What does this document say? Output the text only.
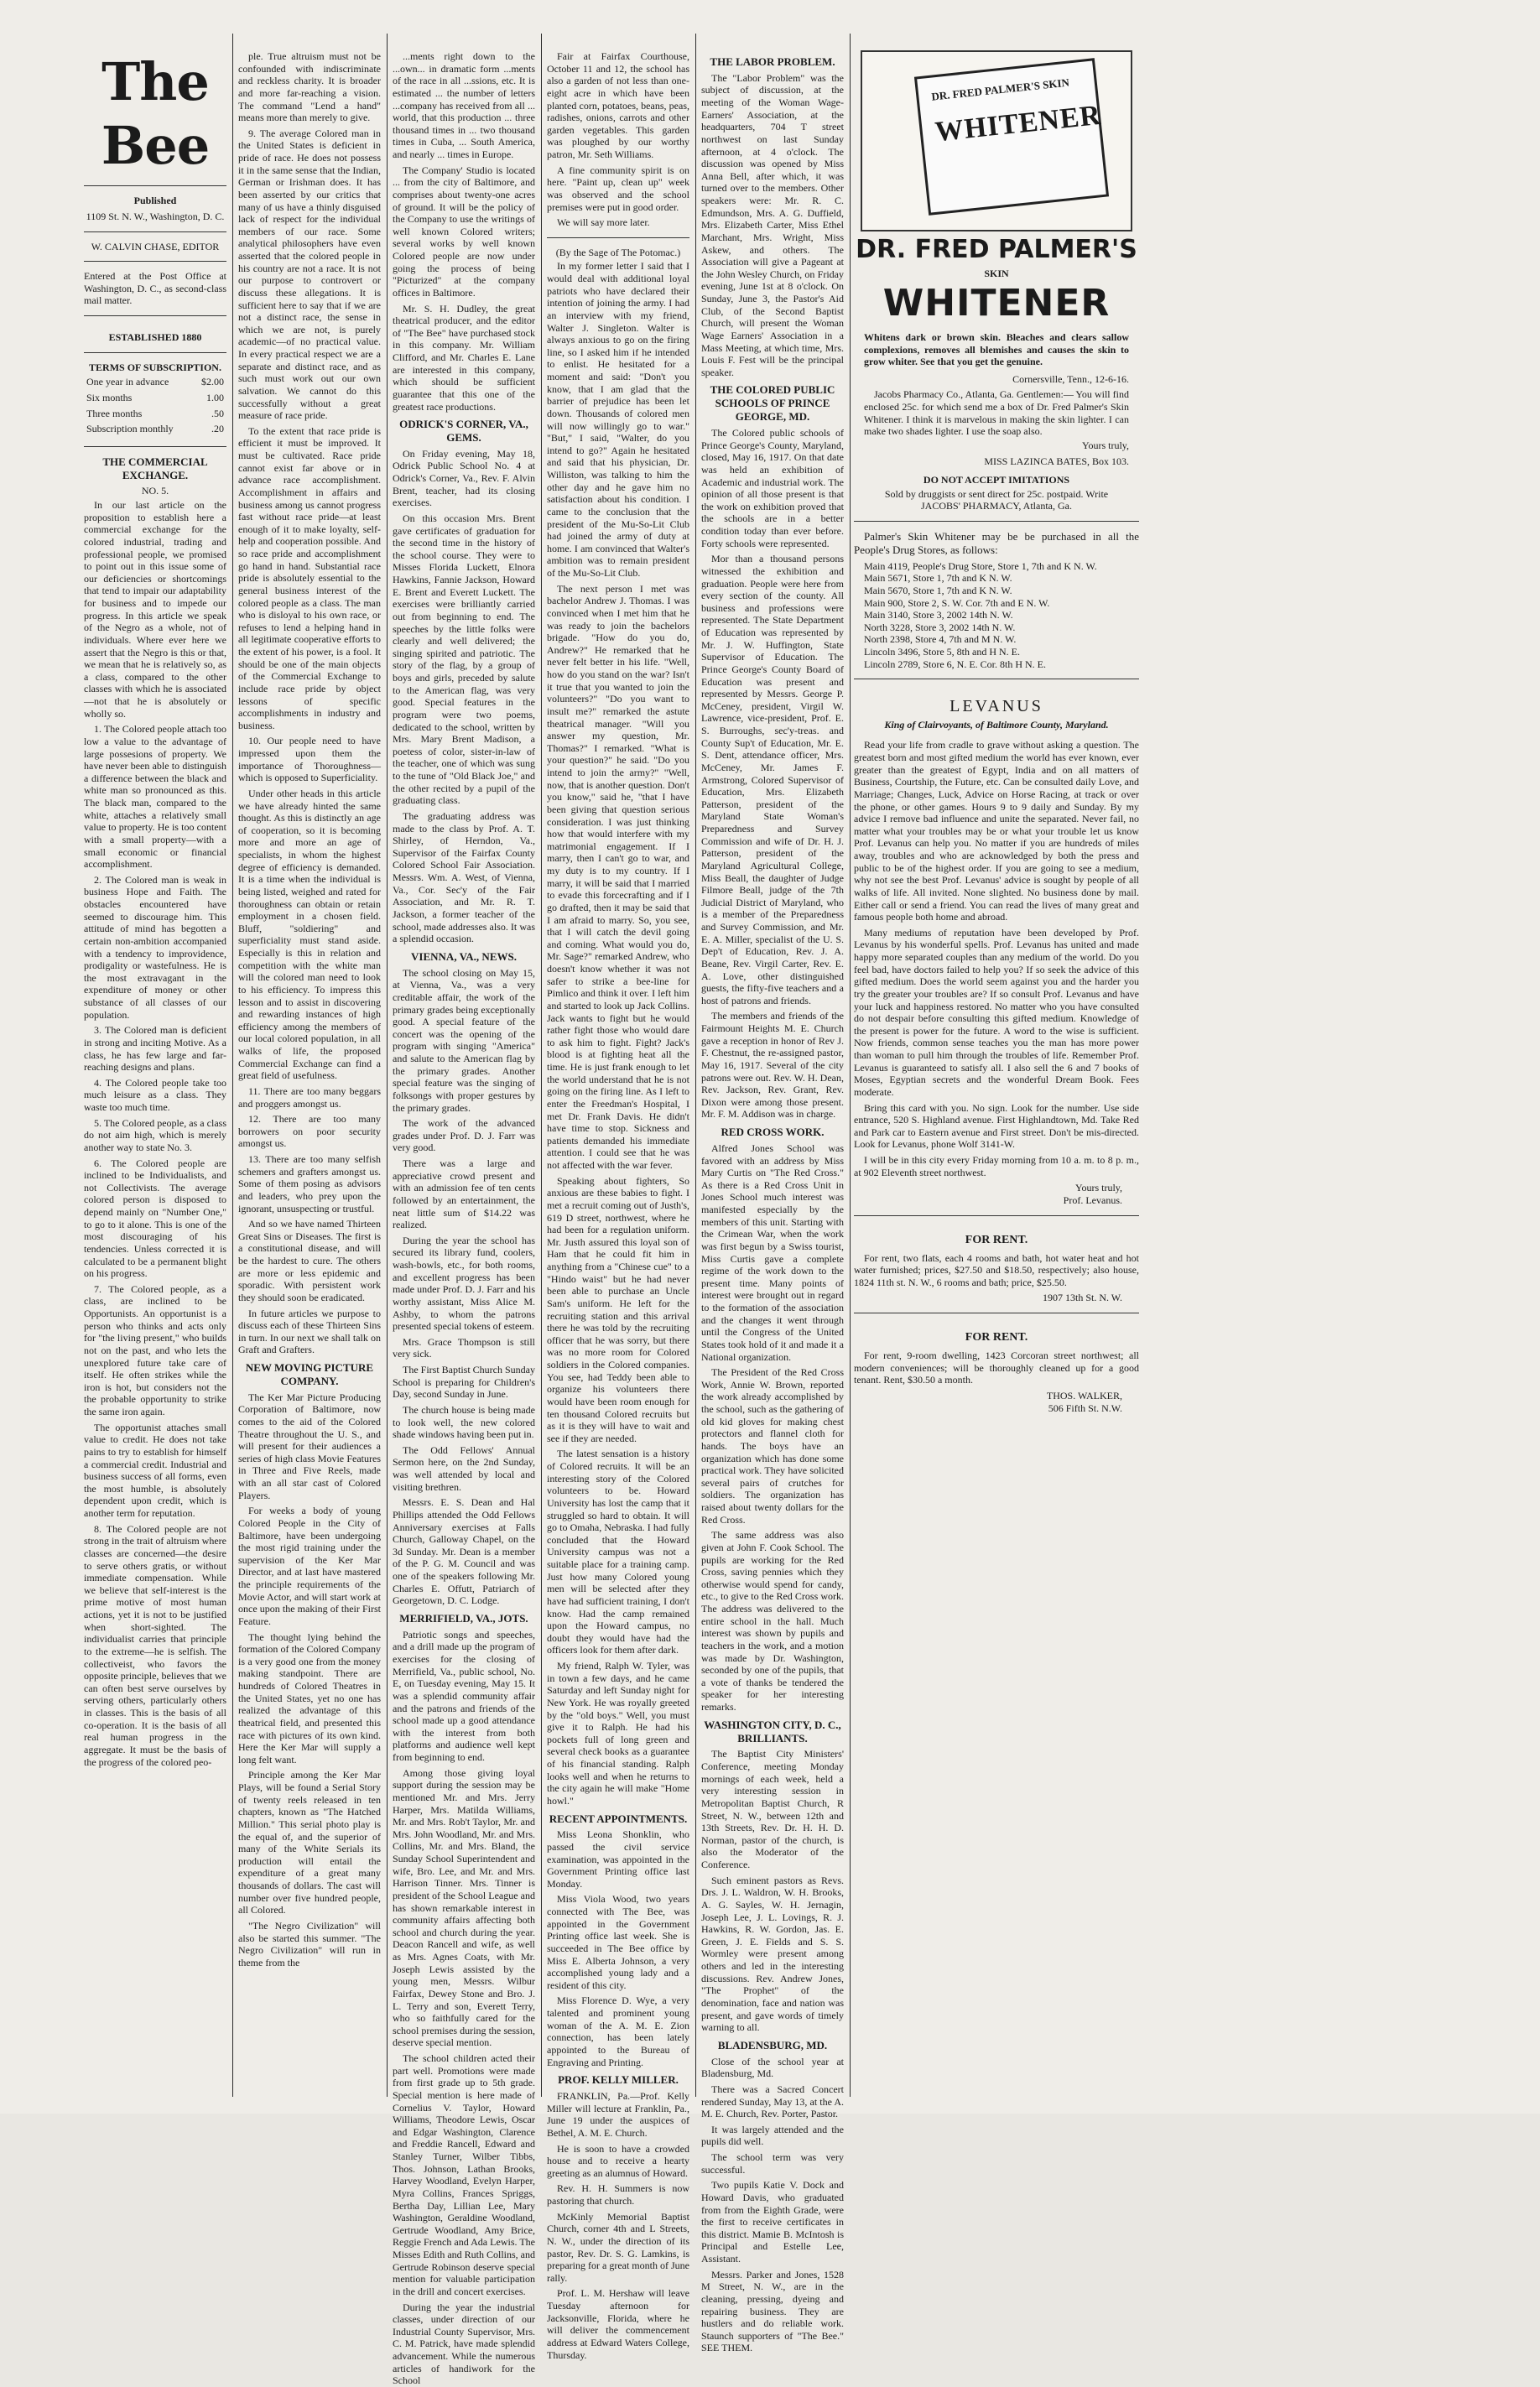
The Bee
Published
1109 St. N. W., Washington, D. C.
W. CALVIN CHASE, EDITOR
Entered at the Post Office at Washington, D. C., as second-class mail matter.
ESTABLISHED 1880
TERMS OF SUBSCRIPTION.
One year in advance	$2.00
Six months	1.00
Three months	.50
Subscription monthly	.20
THE COMMERCIAL EXCHANGE.
NO. 5.

In our last article on the proposition to establish here a commercial exchange for the colored industrial, trading and professional people, we promised to point out in this issue some of our deficiencies or shortcomings that tend to impair our adaptability for business and to impede our progress. In this article we speak of the Negro as a whole, not of individuals. Where ever here we assert that the Negro is this or that, we mean that he is relatively so, as a class, compared to the other classes with which he is associated—not that he is absolutely or wholly so.

1. The Colored people attach too low a value to the advantage of large possesions of property. We have never been able to distinguish a difference between the black and white man so pronounced as this. The black man, compared to the white, attaches a relatively small value to property. He is too content with a small property—with a small economic or financial accomplishment.

2. The Colored man is weak in business Hope and Faith. The obstacles encountered have seemed to discourage him. This attitude of mind has begotten a certain non-ambition accompanied with a tendency to improvidence, prodigality or wastefulness. He is the most extravagant in the expenditure of money or other substance of all classes of our population.

3. The Colored man is deficient in strong and inciting Motive. As a class, he has few large and far-reaching designs and plans.

4. The Colored people take too much leisure as a class. They waste too much time.

5. The Colored people, as a class do not aim high, which is merely another way to state No. 3.

6. The Colored people are inclined to be Individualists, and not Collectivists. The average colored person is disposed to depend mainly on "Number One," to go to it alone. This is one of the most discouraging of his tendencies. Unless corrected it is calculated to be a permanent blight on his progress.

7. The Colored people, as a class, are inclined to be Opportunists. An opportunist is a person who thinks and acts only for "the living present," who builds not on the past, and who lets the unexplored future take care of itself. He often strikes while the iron is hot, but considers not the the probable opportunity to strike the same iron again.

The opportunist attaches small value to credit. He does not take pains to try to establish for himself a commercial credit. Industrial and business success of all forms, even the most humble, is absolutely dependent upon credit, which is another term for reputation.

8. The Colored people are not strong in the trait of altruism where classes are concerned—the desire to serve others gratis, or without immediate compensation. While we believe that self-interest is the prime motive of most human actions, yet it is not to be justified when short-sighted. The individualist carries that principle to the extreme—he is selfish. The collectiveist, who favors the opposite principle, believes that we can often best serve ourselves by serving others, particularly others in classes. This is the basis of all co-operation. It is the basis of all real human progress in the aggregate. It must be the basis of the progress of the colored peo-

ple. True altruism must not be confounded with indiscriminate and reckless charity. It is broader and more far-reaching a vision. The command "Lend a hand" means more than merely to give.

9. The average Colored man in the United States is deficient in pride of race. He does not possess it in the same sense that the Indian, German or Irishman does. It has been asserted by our critics that many of us have a thinly disguised lack of respect for the individual members of our race. Some analytical philosophers have even asserted that the colored people in his country are not a race. It is not our purpose to controvert or discuss these allegations. It is sufficient here to say that if we are not a distinct race, the sense in which we are not, is purely academic—of no practical value. In every practical respect we are a separate and distinct race, and as such must work out our own salvation. We cannot do this successfully without a great measure of race pride.

To the extent that race pride is efficient it must be improved. It must be cultivated. Race pride cannot exist far above or in advance race accomplishment. Accomplishment in affairs and business among us cannot progress fast without race pride—at least enough of it to make loyalty, self-help and cooperation possible. And so race pride and accomplishment go hand in hand. Substantial race pride is absolutely essential to the general business interest of the colored people as a class. The man who is disloyal to his own race, or refuses to lend a helping hand in all legitimate cooperative efforts to the extent of his power, is a fool. It should be one of the main objects of the Commercial Exchange to include race pride by object lessons of specific accomplishments in industry and business.

10. Our people need to have impressed upon them the importance of Thoroughness—which is opposed to Superficiality.

Under other heads in this article we have already hinted the same thought. As this is distinctly an age of cooperation, so it is becoming more and more an age of specialists, in whom the highest degree of efficiency is demanded. It is a time when the individual is being listed, weighed and rated for thoroughness can obtain or retain employment in a chosen field. Bluff, "soldiering" and superficiality must stand aside. Especially is this in relation and competition with the white man will the colored man need to look to his efficiency. To impress this lesson and to assist in discovering and rewarding instances of high efficiency among the members of our local colored population, in all walks of life, the proposed Commercial Exchange can find a great field of usefulness.

11. There are too many beggars and proggers amongst us.

12. There are too many borrowers on poor security amongst us.

13. There are too many selfish schemers and grafters amongst us. Some of them posing as advisors and leaders, who prey upon the ignorant, unsuspecting or trustful.

And so we have named Thirteen Great Sins or Diseases. The first is a constitutional disease, and will be the hardest to cure. The others are more or less epidemic and sporadic. With persistent work they should soon be eradicated.

In future articles we purpose to discuss each of these Thirteen Sins in turn. In our next we shall talk on Graft and Grafters.

NEW MOVING PICTURE COMPANY.

The Ker Mar Picture Producing Corporation of Baltimore, now comes to the aid of the Colored Theatre throughout the U. S., and will present for their audiences a series of high class Movie Features in Three and Five Reels, made with an all star cast of Colored Players.

For weeks a body of young Colored People in the City of Baltimore, have been undergoing the most rigid training under the supervision of the Ker Mar Director, and at last have mastered the principle requirements of the Movie Actor, and will start work at once upon the making of their First Feature.

The thought lying behind the formation of the Colored Company is a very good one from the money making standpoint. There are hundreds of Colored Theatres in the United States, yet no one has realized the advantage of this theatrical field, and presented this race with pictures of its own kind. Here the Ker Mar will supply a long felt want.

Principle among the Ker Mar Plays, will be found a Serial Story of twenty reels released in ten chapters, known as "The Hatched Million." This serial photo play is the equal of, and the superior of many of the White Serials its production will entail the expenditure of a great many thousands of dollars. The cast will number over five hundred people, all Colored.

"The Negro Civilization" will also be started this summer. "The Negro Civilization" will run in theme from the

...ments right down to the ...own... in dramatic form ...ments of the race in all ...ssions, etc. It is estimated ... the number of letters ...company has received from all ... world, that this production ... three thousand times in ... two thousand times in Cuba, ... South America, and nearly ... times in Europe.

The Company' Studio is located ... from the city of Baltimore, and comprises about twenty-one acres of ground. It will be the policy of the Company to use the writings of well known Colored writers; several works by well known Colored people are now under going the process of being "Picturized" at the company offices in Baltimore.

Mr. S. H. Dudley, the great theatrical producer, and the editor of "The Bee" have purchased stock in this company. Mr. William Clifford, and Mr. Charles E. Lane are interested in this company, which should be sufficient guarantee that this one of the greatest race productions.

ODRICK'S CORNER, VA., GEMS.

On Friday evening, May 18, Odrick Public School No. 4 at Odrick's Corner, Va., Rev. F. Alvin Brent, teacher, had its closing exercises.

On this occasion Mrs. Brent gave certificates of graduation for the second time in the history of the school course. They were to Misses Florida Luckett, Elnora Hawkins, Fannie Jackson, Howard E. Brent and Everett Luckett. The exercises were brilliantly carried out from beginning to end. The speeches by the little folks were clearly and well delivered; the singing spirited and patriotic. The story of the flag, by a group of boys and girls, preceded by salute to the American flag, was very good. Special features in the program were two poems, dedicated to the school, written by Mrs. Mary Brent Madison, a poetess of color, sister-in-law of the teacher, one of which was sung to the tune of "Old Black Joe," and the other recited by a pupil of the graduating class.

The graduating address was made to the class by Prof. A. T. Shirley, of Herndon, Va., Supervisor of the Fairfax County Colored School Fair Association. Messrs. Wm. A. West, of Vienna, Va., Cor. Sec'y of the Fair Association, and Mr. R. T. Jackson, a former teacher of the school, made addresses also. It was a splendid occasion.

VIENNA, VA., NEWS.

The school closing on May 15, at Vienna, Va., was a very creditable affair, the work of the primary grades being exceptionally good. A special feature of the concert was the opening of the program with singing "America" and salute to the American flag by the primary grades. Another special feature was the singing of folksongs with proper gestures by the primary grades.

The work of the advanced grades under Prof. D. J. Farr was very good.

There was a large and appreciative crowd present and with an admission fee of ten cents followed by an entertainment, the neat little sum of $14.22 was realized.

During the year the school has secured its library fund, coolers, wash-bowls, etc., for both rooms, and excellent progress has been made under Prof. D. J. Farr and his worthy assistant, Miss Alice M. Ashby, to whom the patrons presented special tokens of esteem.

Mrs. Grace Thompson is still very sick.

The First Baptist Church Sunday School is preparing for Children's Day, second Sunday in June.

The church house is being made to look well, the new colored shade windows having been put in.

The Odd Fellows' Annual Sermon here, on the 2nd Sunday, was well attended by local and visiting brethren.

Messrs. E. S. Dean and Hal Phillips attended the Odd Fellows Anniversary exercises at Falls Church, Galloway Chapel, on the 3d Sunday. Mr. Dean is a member of the P. G. M. Council and was one of the speakers following Mr. Charles E. Offutt, Patriarch of Georgetown, D. C. Lodge.

MERRIFIELD, VA., JOTS.

Patriotic songs and speeches, and a drill made up the program of exercises for the closing of Merrifield, Va., public school, No. E, on Tuesday evening, May 15. It was a splendid community affair and the patrons and friends of the school made up a good attendance with the interest from both platforms and audience well kept from beginning to end.

Among those giving loyal support during the session may be mentioned Mr. and Mrs. Jerry Harper, Mrs. Matilda Williams, Mr. and Mrs. Rob't Taylor, Mr. and Mrs. John Woodland, Mr. and Mrs. Collins, Mr. and Mrs. Bland, the Sunday School Superintendent and wife, Bro. Lee, and Mr. and Mrs. Harrison Tinner. Mrs. Tinner is president of the School League and has shown remarkable interest in community affairs affecting both school and church during the year. Deacon Rancell and wife, as well as Mrs. Agnes Coats, with Mr. Joseph Lewis assisted by the young men, Messrs. Wilbur Fairfax, Dewey Stone and Bro. J. L. Terry and son, Everett Terry, who so faithfully cared for the school premises during the session, deserve special mention.

The school children acted their part well. Promotions were made from first grade up to 5th grade. Special mention is here made of Cornelius V. Taylor, Howard Williams, Theodore Lewis, Oscar and Edgar Washington, Clarence and Freddie Rancell, Edward and Stanley Turner, Wilber Tibbs, Thos. Johnson, Lathan Brooks, Harvey Woodland, Evelyn Harper, Myra Collins, Frances Spriggs, Bertha Day, Lillian Lee, Mary Washington, Geraldine Woodland, Gertrude Woodland, Amy Brice, Reggie French and Ada Lewis. The Misses Edith and Ruth Collins, and Gertrude Robinson deserve special mention for valuable participation in the drill and concert exercises.

During the year the industrial classes, under direction of our Industrial County Supervisor, Mrs. C. M. Patrick, have made splendid advancement. While the numerous articles of handiwork for the School

Fair at Fairfax Courthouse, October 11 and 12, the school has also a garden of not less than one-eight acre in which have been planted corn, potatoes, beans, peas, radishes, onions, carrots and other garden vegetables. This garden was ploughed by our worthy patron, Mr. Seth Williams.

A fine community spirit is on here. "Paint up, clean up" week was observed and the school premises were put in good order.

We will say more later.

(By the Sage of The Potomac.)

In my former letter I said that I would deal with additional loyal patriots who have declared their intention of joining the army. I had an interview with my friend, Walter J. Singleton. Walter is always anxious to go on the firing line, so I asked him if he intended to enlist. He hesitated for a moment and said: "Don't you know, that I am glad that the barrier of prejudice has been let down. Thousands of colored men will now willingly go to war." "But," I said, "Walter, do you intend to go?" Again he hesitated and said that his physician, Dr. Williston, was talking to him the other day and he gave him no satisfaction about his condition. I came to the conclusion that the president of the Mu-So-Lit Club had joined the army of duty at home. I am convinced that Walter's ambition was to remain president of the Mu-So-Lit Club.

The next person I met was bachelor Andrew J. Thomas. I was convinced when I met him that he was ready to join the bachelors brigade. "How do you do, Andrew?" He remarked that he never felt better in his life. "Well, how do you stand on the war? Isn't it true that you wanted to join the volunteers?" "Do you want to insult me?" remarked the astute theatrical manager. "Will you answer my question, Mr. Thomas?" I remarked. "What is your question?" he said. "Do you intend to join the army?" "Well, now, that is another question. Don't you know," said he, "that I have been giving that question serious consideration. I was just thinking how that would interfere with my matrimonial engagement. If I marry, then I can't go to war, and my duty is to my country. If I marry, it will be said that I married to evade this forcecrafting and if I go drafted, then it may be said that I am afraid to marry. So, you see, that I will catch the devil going and coming. What would you do, Mr. Sage?" remarked Andrew, who doesn't know whether it was not safer to strike a bee-line for Pimlico and think it over. I left him and started to look up Jack Collins. Jack wants to fight but he would rather fight those who would dare to ask him to fight. Fight? Jack's blood is at fighting heat all the time. He is just frank enough to let the world understand that he is not going on the firing line. As I left to enter the Freedman's Hospital, I met Dr. Frank Davis. He didn't have time to stop. Sickness and patients demanded his immediate attention. I could see that he was not affected with the war fever.

Speaking about fighters, So anxious are these babies to fight. I met a recruit coming out of Justh's, 619 D street, northwest, where he had been for a regulation uniform. Mr. Justh assured this loyal son of Ham that he could fit him in anything from a "Chinese cue" to a "Hindo waist" but he had never been able to purchase an Uncle Sam's uniform. He left for the recruiting station and this arrival there he was told by the recruiting officer that he was sorry, but there was no more room for Colored soldiers in the Colored companies. You see, had Teddy been able to organize his volunteers there would have been room enough for ten thousand Colored recruits but as it is they will have to wait and see if they are needed.

The latest sensation is a history of Colored recruits. It will be an interesting story of the Colored volunteers to be. Howard University has lost the camp that it struggled so hard to obtain. It will go to Omaha, Nebraska. I had fully concluded that the Howard University campus was not a suitable place for a training camp. Just how many Colored young men will be selected after they have had sufficient training, I don't know. Had the camp remained upon the Howard campus, no doubt they would have had the officers look for them after dark.

My friend, Ralph W. Tyler, was in town a few days, and he came Saturday and left Sunday night for New York. He was royally greeted by the "old boys." Well, you must give it to Ralph. He had his pockets full of long green and several check books as a guarantee of his financial standing. Ralph looks well and when he returns to the city again he will make "Home howl."

RECENT APPOINTMENTS.

Miss Leona Shonklin, who passed the civil service examination, was appointed in the Government Printing office last Monday.

Miss Viola Wood, two years connected with The Bee, was appointed in the Government Printing office last week. She is succeeded in The Bee office by Miss E. Alberta Johnson, a very accomplished young lady and a resident of this city.

Miss Florence D. Wye, a very talented and prominent young woman of the A. M. E. Zion connection, has been lately appointed to the Bureau of Engraving and Printing.

PROF. KELLY MILLER.

FRANKLIN, Pa.—Prof. Kelly Miller will lecture at Franklin, Pa., June 19 under the auspices of Bethel, A. M. E. Church.

He is soon to have a crowded house and to receive a hearty greeting as an alumnus of Howard.

Rev. H. H. Summers is now pastoring that church.

McKinly Memorial Baptist Church, corner 4th and L Streets, N. W., under the direction of its pastor, Rev. Dr. S. G. Lamkins, is preparing for a great month of June rally.

Prof. L. M. Hershaw will leave Tuesday afternoon for Jacksonville, Florida, where he will deliver the commencement address at Edward Waters College, Thursday.

THE LABOR PROBLEM.

The "Labor Problem" was the subject of discussion, at the meeting of the Woman Wage-Earners' Association, at the headquarters, 704 T street northwest on last Sunday afternoon, at 4 o'clock. The discussion was opened by Miss Anna Bell, after which, it was turned over to the members. Other speakers were: Mr. R. C. Edmundson, Mrs. A. G. Duffield, Mrs. Elizabeth Carter, Miss Ethel Marchant, Mrs. Wright, Miss Askew, and others. The Association will give a Pageant at the John Wesley Church, on Friday evening, June 1st at 8 o'clock. On Sunday, June 3, the Pastor's Aid Club, of the Second Baptist Church, will present the Woman Wage Earners' Association in a Mass Meeting, at which time, Mrs. Louis F. Fest will be the principal speaker.

THE COLORED PUBLIC SCHOOLS OF PRINCE GEORGE, MD.

The Colored public schools of Prince George's County, Maryland, closed, May 16, 1917. On that date was held an exhibition of Academic and industrial work. The opinion of all those present is that the work on exhibition proved that the schools are in a better condition today than ever before. Forty schools were represented.

Mor than a thousand persons witnessed the exhibition and graduation. People were here from every section of the county. All business and professions were represented. The State Department of Education was represented by Mr. J. W. Huffington, State Supervisor of Education. The Prince George's County Board of Education was present and represented by Messrs. George P. McCeney, president, Virgil W. Lawrence, vice-president, Prof. E. S. Burroughs, sec'y-treas. and County Sup't of Education, Mr. E. S. Dent, attendance officer, Mrs. McCeney, Mr. James F. Armstrong, Colored Supervisor of Education, Mrs. Elizabeth Patterson, president of the Maryland State Woman's Preparedness and Survey Commission and wife of Dr. H. J. Patterson, president of the Maryland Agricultural College, Miss Beall, the daughter of Judge Filmore Beall, judge of the 7th Judicial District of Maryland, who is a member of the Preparedness and Survey Commission, and Mr. E. A. Miller, specialist of the U. S. Dep't of Education, Rev. J. A. Beane, Rev. Virgil Carter, Rev. E. A. Love, other distinguished guests, the fifty-five teachers and a host of patrons and friends.

The members and friends of the Fairmount Heights M. E. Church gave a reception in honor of Rev J. F. Chestnut, the re-assigned pastor, May 16, 1917. Several of the city patrons were out. Rev. W. H. Dean, Rev. Jackson, Rev. Grant, Rev. Dixon were among those present. Mr. F. M. Addison was in charge.

RED CROSS WORK.

Alfred Jones School was favored with an address by Miss Mary Curtis on "The Red Cross." As there is a Red Cross Unit in Jones School much interest was manifested especially by the members of this unit. Starting with the Crimean War, when the work was first begun by a Swiss tourist, Miss Curtis gave a complete regime of the work down to the present time. Many points of interest were brought out in regard to the formation of the association and the changes it went through until the Congress of the United States took hold of it and made it a National organization.

The President of the Red Cross Work, Annie W. Brown, reported the work already accomplished by the school, such as the gathering of old kid gloves for making chest protectors and flannel cloth for hands. The boys have an organization which has done some practical work. They have solicited several pairs of crutches for soldiers. The organization has raised about twenty dollars for the Red Cross.

The same address was also given at John F. Cook School. The pupils are working for the Red Cross, saving pennies which they otherwise would spend for candy, etc., to give to the Red Cross work. The address was delivered to the entire school in the hall. Much interest was shown by pupils and teachers in the work, and a motion was made by Dr. Washington, seconded by one of the pupils, that a vote of thanks be tendered the speaker for her interesting remarks.

WASHINGTON CITY, D. C., BRILLIANTS.

The Baptist City Ministers' Conference, meeting Monday mornings of each week, held a very interesting session in Metropolitan Baptist Church, R Street, N. W., between 12th and 13th Streets, Rev. Dr. H. H. D. Norman, pastor of the church, is also the Moderator of the Conference.

Such eminent pastors as Revs. Drs. J. L. Waldron, W. H. Brooks, A. G. Sayles, W. H. Jernagin, Joseph Lee, J. L. Lovings, R. J. Hawkins, R. W. Gordon, Jas. E. Green, J. E. Fields and S. S. Wormley were present among others and led in the interesting discussions. Rev. Andrew Jones, "The Prophet" of the denomination, face and nation was present, and gave words of timely warning to all.

BLADENSBURG, MD.

Close of the school year at Bladensburg, Md.

There was a Sacred Concert rendered Sunday, May 13, at the A. M. E. Church, Rev. Porter, Pastor.

It was largely attended and the pupils did well.

The school term was very successful.

Two pupils Katie V. Dock and Howard Davis, who graduated from from the Eighth Grade, were the first to receive certificates in this district. Mamie B. McIntosh is Principal and Estelle Lee, Assistant.

Messrs. Parker and Jones, 1528 M Street, N. W., are in the cleaning, pressing, dyeing and repairing business. They are hustlers and do reliable work. Staunch supporters of "The Bee." SEE THEM.

DR. FRED PALMER'S SKIN
WHITENER
DR. FRED PALMER'S
SKIN
WHITENER

Whitens dark or brown skin. Bleaches and clears sallow complexions, removes all blemishes and causes the skin to grow whiter. See that you get the genuine.

Cornersville, Tenn., 12-6-16.

Jacobs Pharmacy Co., Atlanta, Ga. Gentlemen:— You will find enclosed 25c. for which send me a box of Dr. Fred Palmer's Skin Whitener. I think it is marvelous in making the skin lighter. I can make two shades lighter. I use the soap also.

Yours truly,

MISS LAZINCA BATES, Box 103.

DO NOT ACCEPT IMITATIONS

Sold by druggists or sent direct for 25c. postpaid. Write JACOBS' PHARMACY, Atlanta, Ga.

Palmer's Skin Whitener may be be purchased in all the People's Drug Stores, as follows:

Main 4119, People's Drug Store, Store 1, 7th and K N. W.

Main 5671, Store 1, 7th and K N. W.

Main 5670, Store 1, 7th and K N. W.

Main 900, Store 2, S. W. Cor. 7th and E N. W.

Main 3140, Store 3, 2002 14th N. W.

North 3228, Store 3, 2002 14th N. W.

North 2398, Store 4, 7th and M N. W.

Lincoln 3496, Store 5, 8th and H N. E.

Lincoln 2789, Store 6, N. E. Cor. 8th H N. E.

LEVANUS
King of Clairvoyants, of Baltimore County, Maryland.

Read your life from cradle to grave without asking a question. The greatest born and most gifted medium the world has ever known, ever greater than the greatest of Egypt, India and on all matters of Business, Courtship, the Future, etc. Can be consulted daily Love, and Marriage; Changes, Luck, Advice on Horse Racing, at track or over the phone, or other games. Hours 9 to 9 daily and Sunday. By my advice I remove bad influence and unite the separated. Never fail, no matter what your troubles may be or what your trouble let us know Prof. Levanus can help you. No matter if you are hundreds of miles away, troubles and who are acknowledged by both the press and public to be of the highest order. If you are going to see a medium, why not see the best Prof. Levanus' advice is sought by people of all walks of life. All invited. None slighted. No business done by mail. Either call or send a friend. You can read the lives of many great and famous people both home and abroad.

Many mediums of reputation have been developed by Prof. Levanus by his wonderful spells. Prof. Levanus has united and made happy more separated couples than any medium of the world. Do you feel bad, have doctors failed to help you? If so seek the advice of this gifted medium. Does the world seem against you and the harder you try the greater your troubles are? If so consult Prof. Levanus and have your luck and happiness restored. No matter who you have consulted do not despair before consulting this gifted medium. Knowledge of the present is power for the future. A word to the wise is sufficient. Now friends, common sense teaches you the man has more power than woman to pull him through the troubles of life. Remember Prof. Levanus is guaranteed to satisfy all. I also sell the 6 and 7 books of Moses, Egyptian secrets and the wonderful Dream Book. Fees moderate.

Bring this card with you. No sign. Look for the number. Use side entrance, 520 S. Highland avenue. First Highlandtown, Md. Take Red and Park car to Eastern avenue and First street. Don't be mis-directed. Look for Levanus, phone Wolf 3141-W.

I will be in this city every Friday morning from 10 a. m. to 8 p. m., at 902 Eleventh street northwest.

Yours truly,
Prof. Levanus.
FOR RENT.

For rent, two flats, each 4 rooms and bath, hot water heat and hot water furnished; prices, $27.50 and $18.50, respectively; also house, 1824 11th st. N. W., 6 rooms and bath; price, $25.50.

1907 13th St. N. W.
FOR RENT.

For rent, 9-room dwelling, 1423 Corcoran street northwest; all modern conveniences; will be thoroughly cleaned up for a good tenant. Rent, $30.50 a month.

THOS. WALKER,
506 Fifth St. N.W.
